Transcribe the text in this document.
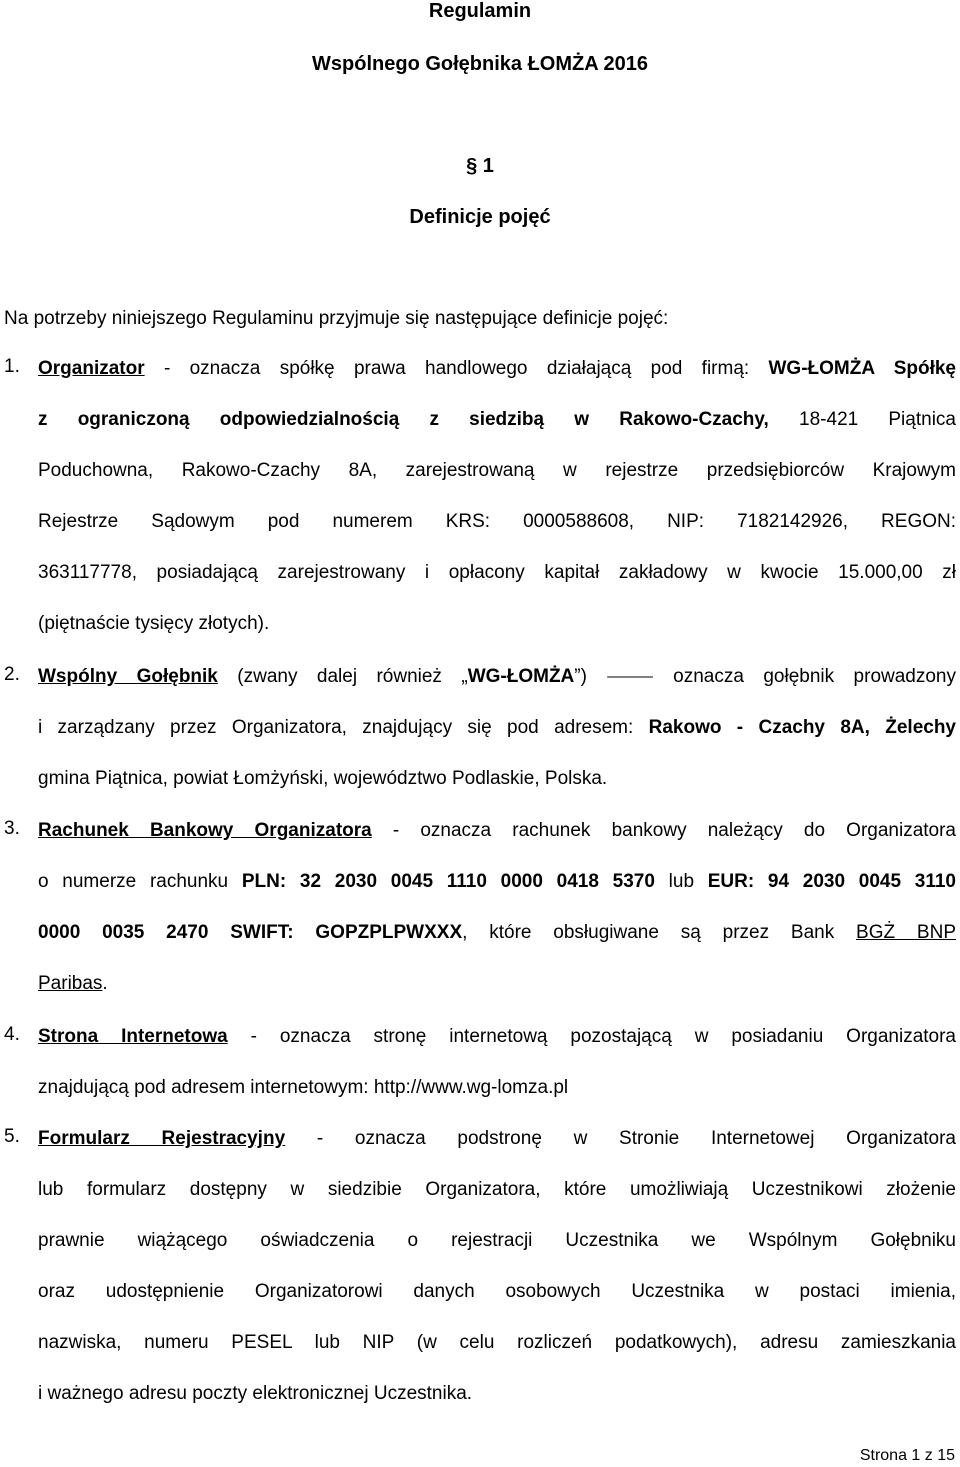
Regulamin
Wspólnego Gołębnika ŁOMŻA 2016
§ 1
Definicje pojęć
Na potrzeby niniejszego Regulaminu przyjmuje się następujące definicje pojęć:
1. Organizator - oznacza spółkę prawa handlowego działającą pod firmą: WG-ŁOMŻA Spółkę
z ograniczoną odpowiedzialnością z siedzibą w Rakowo-Czachy, 18-421 Piątnica
Poduchowna, Rakowo-Czachy 8A, zarejestrowaną w rejestrze przedsiębiorców Krajowym
Rejestrze Sądowym pod numerem KRS: 0000588608, NIP: 7182142926, REGON:
363117778, posiadającą zarejestrowany i opłacony kapitał zakładowy w kwocie 15.000,00 zł
(piętnaście tysięcy złotych).
2. Wspólny Gołębnik (zwany dalej również „WG-ŁOMŻA”) ⸻ oznacza gołębnik prowadzony
i zarządzany przez Organizatora, znajdujący się pod adresem: Rakowo - Czachy 8A, Żelechy
gmina Piątnica, powiat Łomżyński, województwo Podlaskie, Polska.
3. Rachunek Bankowy Organizatora - oznacza rachunek bankowy należący do Organizatora
o numerze rachunku PLN: 32 2030 0045 1110 0000 0418 5370 lub EUR: 94 2030 0045 3110
0000 0035 2470 SWIFT: GOPZPLPWXXX, które obsługiwane są przez Bank BGŻ BNP
Paribas.
4. Strona Internetowa - oznacza stronę internetową pozostającą w posiadaniu Organizatora
znajdującą pod adresem internetowym: http://www.wg-lomza.pl
5. Formularz Rejestracyjny - oznacza podstronę w Stronie Internetowej Organizatora
lub formularz dostępny w siedzibie Organizatora, które umożliwiają Uczestnikowi złożenie
prawnie wiążącego oświadczenia o rejestracji Uczestnika we Wspólnym Gołębniku
oraz udostępnienie Organizatorowi danych osobowych Uczestnika w postaci imienia,
nazwiska, numeru PESEL lub NIP (w celu rozliczeń podatkowych), adresu zamieszkania
i ważnego adresu poczty elektronicznej Uczestnika.
Strona 1 z 15
